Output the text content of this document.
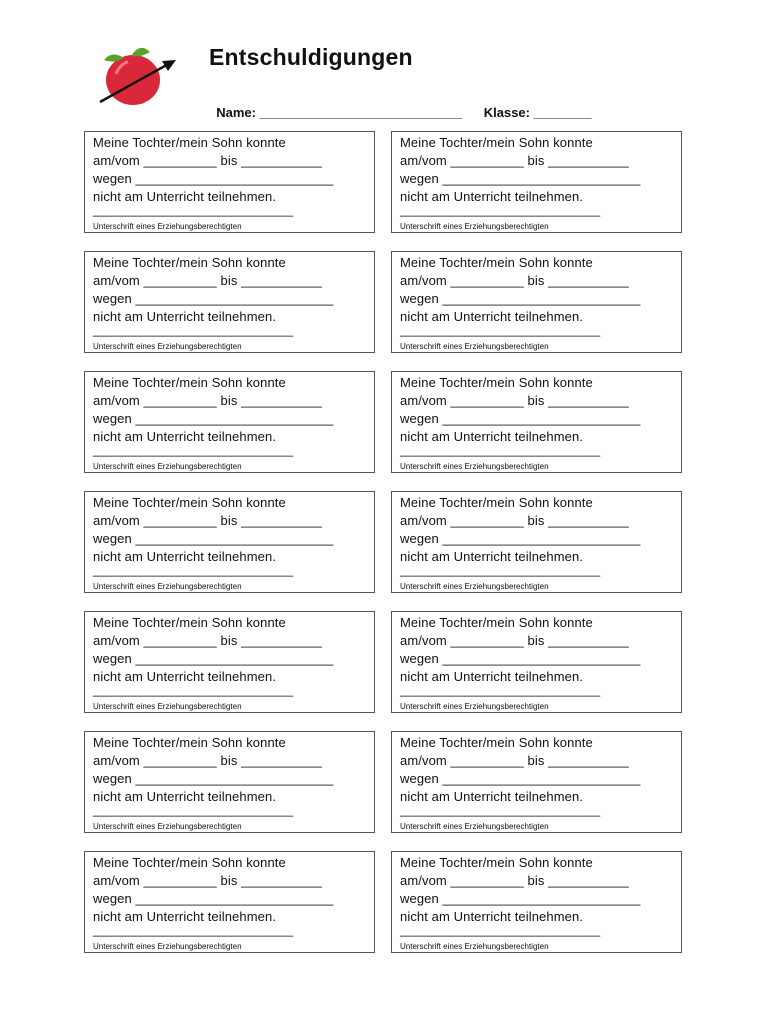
Entschuldigungen

Name: ____________________________ Klasse: ________

Meine Tochter/mein Sohn konnte
am/vom __________ bis ___________
wegen ___________________________
nicht am Unterricht teilnehmen.
______________________________
Unterschrift eines Erziehungsberechtigten
Meine Tochter/mein Sohn konnte
am/vom __________ bis ___________
wegen ___________________________
nicht am Unterricht teilnehmen.
______________________________
Unterschrift eines Erziehungsberechtigten
Meine Tochter/mein Sohn konnte
am/vom __________ bis ___________
wegen ___________________________
nicht am Unterricht teilnehmen.
______________________________
Unterschrift eines Erziehungsberechtigten
Meine Tochter/mein Sohn konnte
am/vom __________ bis ___________
wegen ___________________________
nicht am Unterricht teilnehmen.
______________________________
Unterschrift eines Erziehungsberechtigten
Meine Tochter/mein Sohn konnte
am/vom __________ bis ___________
wegen ___________________________
nicht am Unterricht teilnehmen.
______________________________
Unterschrift eines Erziehungsberechtigten
Meine Tochter/mein Sohn konnte
am/vom __________ bis ___________
wegen ___________________________
nicht am Unterricht teilnehmen.
______________________________
Unterschrift eines Erziehungsberechtigten
Meine Tochter/mein Sohn konnte
am/vom __________ bis ___________
wegen ___________________________
nicht am Unterricht teilnehmen.
______________________________
Unterschrift eines Erziehungsberechtigten
Meine Tochter/mein Sohn konnte
am/vom __________ bis ___________
wegen ___________________________
nicht am Unterricht teilnehmen.
______________________________
Unterschrift eines Erziehungsberechtigten
Meine Tochter/mein Sohn konnte
am/vom __________ bis ___________
wegen ___________________________
nicht am Unterricht teilnehmen.
______________________________
Unterschrift eines Erziehungsberechtigten
Meine Tochter/mein Sohn konnte
am/vom __________ bis ___________
wegen ___________________________
nicht am Unterricht teilnehmen.
______________________________
Unterschrift eines Erziehungsberechtigten
Meine Tochter/mein Sohn konnte
am/vom __________ bis ___________
wegen ___________________________
nicht am Unterricht teilnehmen.
______________________________
Unterschrift eines Erziehungsberechtigten
Meine Tochter/mein Sohn konnte
am/vom __________ bis ___________
wegen ___________________________
nicht am Unterricht teilnehmen.
______________________________
Unterschrift eines Erziehungsberechtigten
Meine Tochter/mein Sohn konnte
am/vom __________ bis ___________
wegen ___________________________
nicht am Unterricht teilnehmen.
______________________________
Unterschrift eines Erziehungsberechtigten
Meine Tochter/mein Sohn konnte
am/vom __________ bis ___________
wegen ___________________________
nicht am Unterricht teilnehmen.
______________________________
Unterschrift eines Erziehungsberechtigten
